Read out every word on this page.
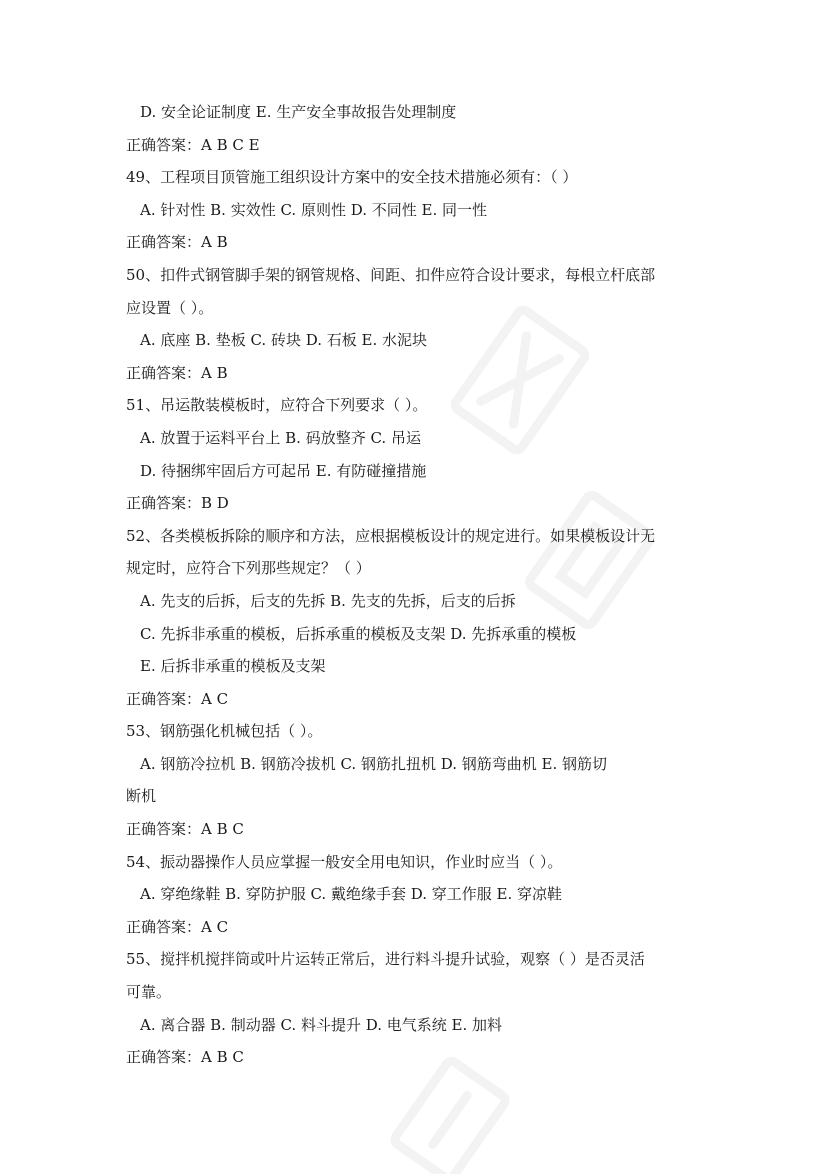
D. 安全论证制度 E. 生产安全事故报告处理制度
正确答案：A B C E
49、工程项目顶管施工组织设计方案中的安全技术措施必须有：（ ）
A. 针对性 B. 实效性 C. 原则性 D. 不同性 E. 同一性
正确答案：A B
50、扣件式钢管脚手架的钢管规格、间距、扣件应符合设计要求，每根立杆底部
应设置（ ）。
A. 底座 B. 垫板 C. 砖块 D. 石板 E. 水泥块
正确答案：A B
51、吊运散装模板时，应符合下列要求（ ）。
A. 放置于运料平台上 B. 码放整齐 C. 吊运
D. 待捆绑牢固后方可起吊 E. 有防碰撞措施
正确答案：B D
52、各类模板拆除的顺序和方法，应根据模板设计的规定进行。如果模板设计无
规定时，应符合下列那些规定？（ ）
A. 先支的后拆，后支的先拆 B. 先支的先拆，后支的后拆
C. 先拆非承重的模板，后拆承重的模板及支架 D. 先拆承重的模板
E. 后拆非承重的模板及支架
正确答案：A C
53、钢筋强化机械包括（ ）。
A. 钢筋冷拉机 B. 钢筋冷拔机 C. 钢筋扎扭机 D. 钢筋弯曲机 E. 钢筋切
断机
正确答案：A B C
54、振动器操作人员应掌握一般安全用电知识，作业时应当（ ）。
A. 穿绝缘鞋 B. 穿防护服 C. 戴绝缘手套 D. 穿工作服 E. 穿凉鞋
正确答案：A C
55、搅拌机搅拌筒或叶片运转正常后，进行料斗提升试验，观察（ ）是否灵活
可靠。
A. 离合器 B. 制动器 C. 料斗提升 D. 电气系统 E. 加料
正确答案：A B C
